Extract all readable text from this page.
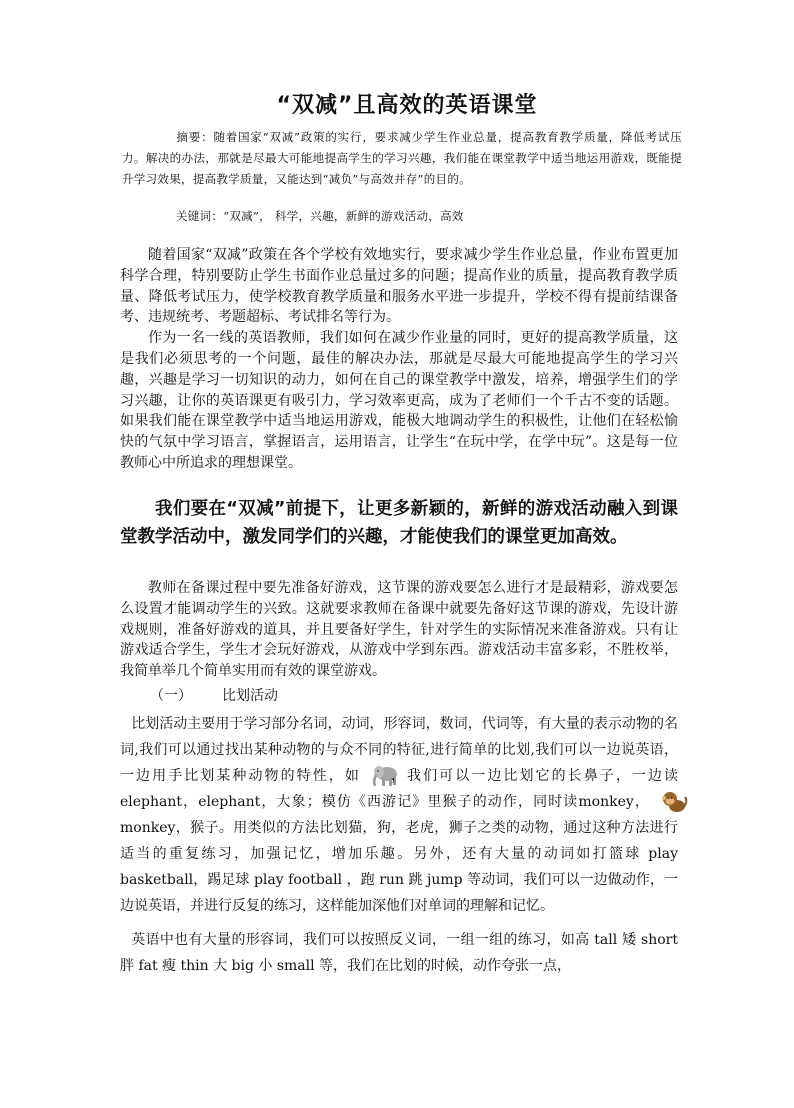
“双减”且高效的英语课堂
摘要：随着国家“双减”政策的实行，要求减少学生作业总量，提高教育教学质量，降低考试压力。解决的办法，那就是尽最大可能地提高学生的学习兴趣，我们能在课堂教学中适当地运用游戏，既能提升学习效果，提高教学质量，又能达到“减负”与高效并存”的目的。
关键词：“双减”， 科学，兴趣，新鲜的游戏活动，高效

随着国家“双减”政策在各个学校有效地实行，要求减少学生作业总量，作业布置更加科学合理，特别要防止学生书面作业总量过多的问题；提高作业的质量，提高教育教学质量、降低考试压力，使学校教育教学质量和服务水平进一步提升，学校不得有提前结课备考、违规统考、考题超标、考试排名等行为。

作为一名一线的英语教师，我们如何在减少作业量的同时，更好的提高教学质量，这是我们必须思考的一个问题，最佳的解决办法，那就是尽最大可能地提高学生的学习兴趣，兴趣是学习一切知识的动力，如何在自己的课堂教学中激发，培养，增强学生们的学习兴趣，让你的英语课更有吸引力，学习效率更高，成为了老师们一个千古不变的话题。如果我们能在课堂教学中适当地运用游戏，能极大地调动学生的积极性，让他们在轻松愉快的气氛中学习语言，掌握语言，运用语言，让学生“在玩中学，在学中玩”。这是每一位教师心中所追求的理想课堂。

我们要在“双减”前提下，让更多新颖的，新鲜的游戏活动融入到课堂教学活动中，激发同学们的兴趣，才能使我们的课堂更加高效。

教师在备课过程中要先准备好游戏，这节课的游戏要怎么进行才是最精彩，游戏要怎么设置才能调动学生的兴致。这就要求教师在备课中就要先备好这节课的游戏，先设计游戏规则，准备好游戏的道具，并且要备好学生，针对学生的实际情况来准备游戏。只有让游戏适合学生，学生才会玩好游戏，从游戏中学到东西。游戏活动丰富多彩，不胜枚举，我简单举几个简单实用而有效的课堂游戏。

（一） 比划活动

比划活动主要用于学习部分名词，动词，形容词，数词，代词等，有大量的表示动物的名词,我们可以通过找出某种动物的与众不同的特征,进行简单的比划,我们可以一边说英语，一边用手比划某种动物的特性，如 ，我们可以一边比划它的长鼻子，一边读 elephant，elephant，大象；模仿《西游记》里猴子的动作，同时读monkey，monkey，猴子。用类似的方法比划猫，狗，老虎，狮子之类的动物，通过这种方法进行适当的重复练习，加强记忆，增加乐趣。另外，还有大量的动词如打篮球 play basketball，踢足球 play football ，跑 run 跳 jump 等动词，我们可以一边做动作，一边说英语，并进行反复的练习，这样能加深他们对单词的理解和记忆。

英语中也有大量的形容词，我们可以按照反义词，一组一组的练习，如高 tall 矮 short 胖 fat 瘦 thin 大 big 小 small 等，我们在比划的时候，动作夸张一点，
